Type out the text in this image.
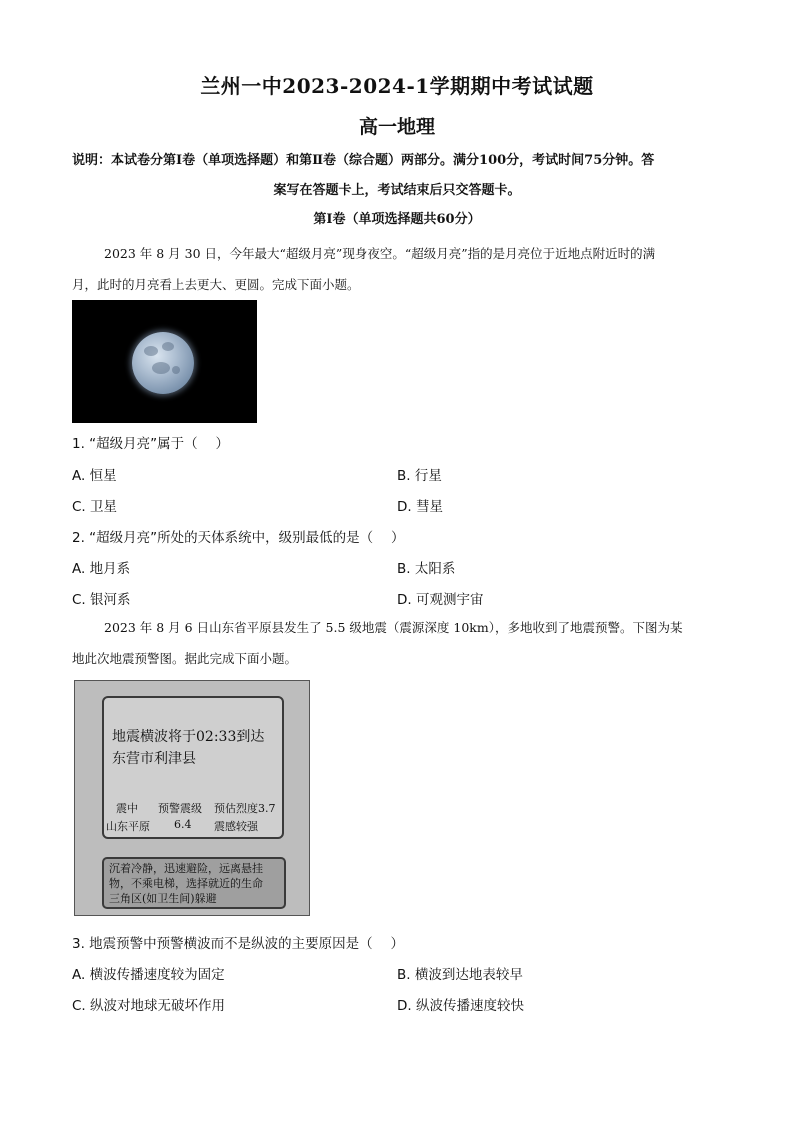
兰州一中2023-2024-1学期期中考试试题
高一地理
说明：本试卷分第Ⅰ卷（单项选择题）和第Ⅱ卷（综合题）两部分。满分100分，考试时间75分钟。答
案写在答题卡上，考试结束后只交答题卡。
第Ⅰ卷（单项选择题共60分）
2023 年 8 月 30 日，今年最大“超级月亮”现身夜空。“超级月亮”指的是月亮位于近地点附近时的满
月，此时的月亮看上去更大、更圆。完成下面小题。
1. “超级月亮”属于（　 ）
A. 恒星	B. 行星
C. 卫星	D. 彗星
2. “超级月亮”所处的天体系统中，级别最低的是（　 ）
A. 地月系	B. 太阳系
C. 银河系	D. 可观测宇宙
2023 年 8 月 6 日山东省平原县发生了 5.5 级地震（震源深度 10km），多地收到了地震预警。下图为某
地此次地震预警图。据此完成下面小题。
地震横波将于02:33到达
东营市利津县
震中 预警震级 预估烈度3.7
山东平原 6.4 震感较强
沉着冷静，迅速避险，远离悬挂
物，不乘电梯，选择就近的生命
三角区(如卫生间)躲避
3. 地震预警中预警横波而不是纵波的主要原因是（　 ）
A. 横波传播速度较为固定	B. 横波到达地表较早
C. 纵波对地球无破坏作用	D. 纵波传播速度较快
